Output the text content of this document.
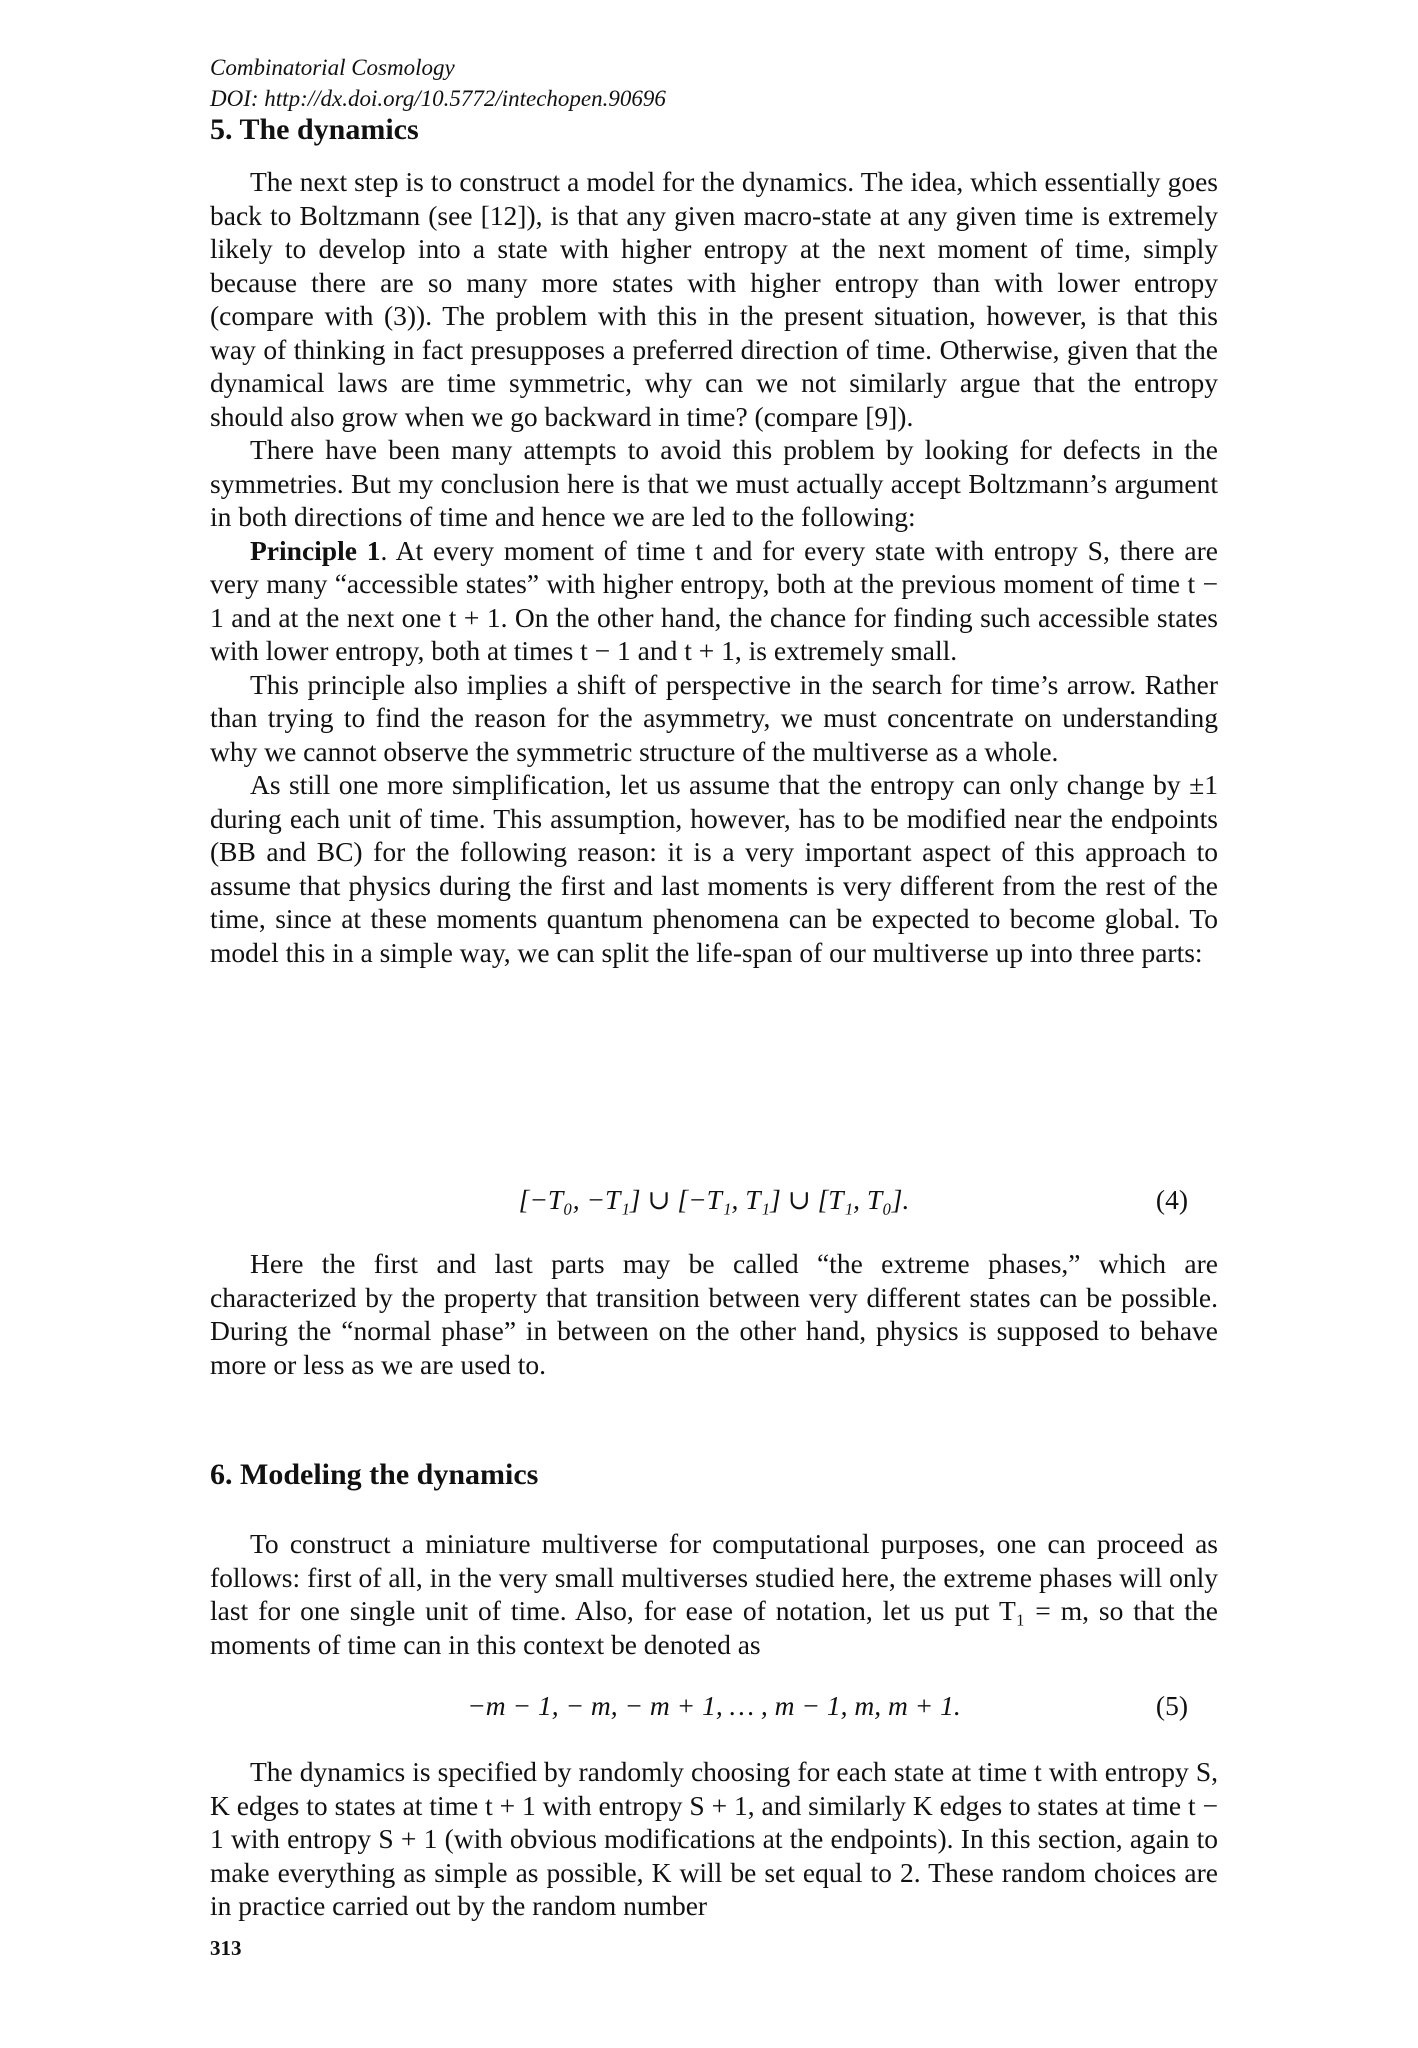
Combinatorial Cosmology
DOI: http://dx.doi.org/10.5772/intechopen.90696
5. The dynamics

The next step is to construct a model for the dynamics. The idea, which essentially goes back to Boltzmann (see [12]), is that any given macro-state at any given time is extremely likely to develop into a state with higher entropy at the next moment of time, simply because there are so many more states with higher entropy than with lower entropy (compare with (3)). The problem with this in the present situation, however, is that this way of thinking in fact presupposes a preferred direction of time. Otherwise, given that the dynamical laws are time symmetric, why can we not similarly argue that the entropy should also grow when we go backward in time? (compare [9]).

There have been many attempts to avoid this problem by looking for defects in the symmetries. But my conclusion here is that we must actually accept Boltzmann’s argument in both directions of time and hence we are led to the following:

Principle 1. At every moment of time t and for every state with entropy S, there are very many “accessible states” with higher entropy, both at the previous moment of time t − 1 and at the next one t + 1. On the other hand, the chance for finding such accessible states with lower entropy, both at times t − 1 and t + 1, is extremely small.

This principle also implies a shift of perspective in the search for time’s arrow. Rather than trying to find the reason for the asymmetry, we must concentrate on understanding why we cannot observe the symmetric structure of the multiverse as a whole.

As still one more simplification, let us assume that the entropy can only change by ±1 during each unit of time. This assumption, however, has to be modified near the endpoints (BB and BC) for the following reason: it is a very important aspect of this approach to assume that physics during the first and last moments is very different from the rest of the time, since at these moments quantum phenomena can be expected to become global. To model this in a simple way, we can split the life-span of our multiverse up into three parts:

[−T₀, −T₁] ∪ [−T₁, T₁] ∪ [T₁, T₀].	(4)

Here the first and last parts may be called “the extreme phases,” which are characterized by the property that transition between very different states can be possible. During the “normal phase” in between on the other hand, physics is supposed to behave more or less as we are used to.

6. Modeling the dynamics

To construct a miniature multiverse for computational purposes, one can proceed as follows: first of all, in the very small multiverses studied here, the extreme phases will only last for one single unit of time. Also, for ease of notation, let us put T₁ = m, so that the moments of time can in this context be denoted as

−m − 1, − m, − m + 1, … , m − 1, m, m + 1.	(5)

The dynamics is specified by randomly choosing for each state at time t with entropy S, K edges to states at time t + 1 with entropy S + 1, and similarly K edges to states at time t − 1 with entropy S + 1 (with obvious modifications at the endpoints). In this section, again to make everything as simple as possible, K will be set equal to 2. These random choices are in practice carried out by the random number

313
